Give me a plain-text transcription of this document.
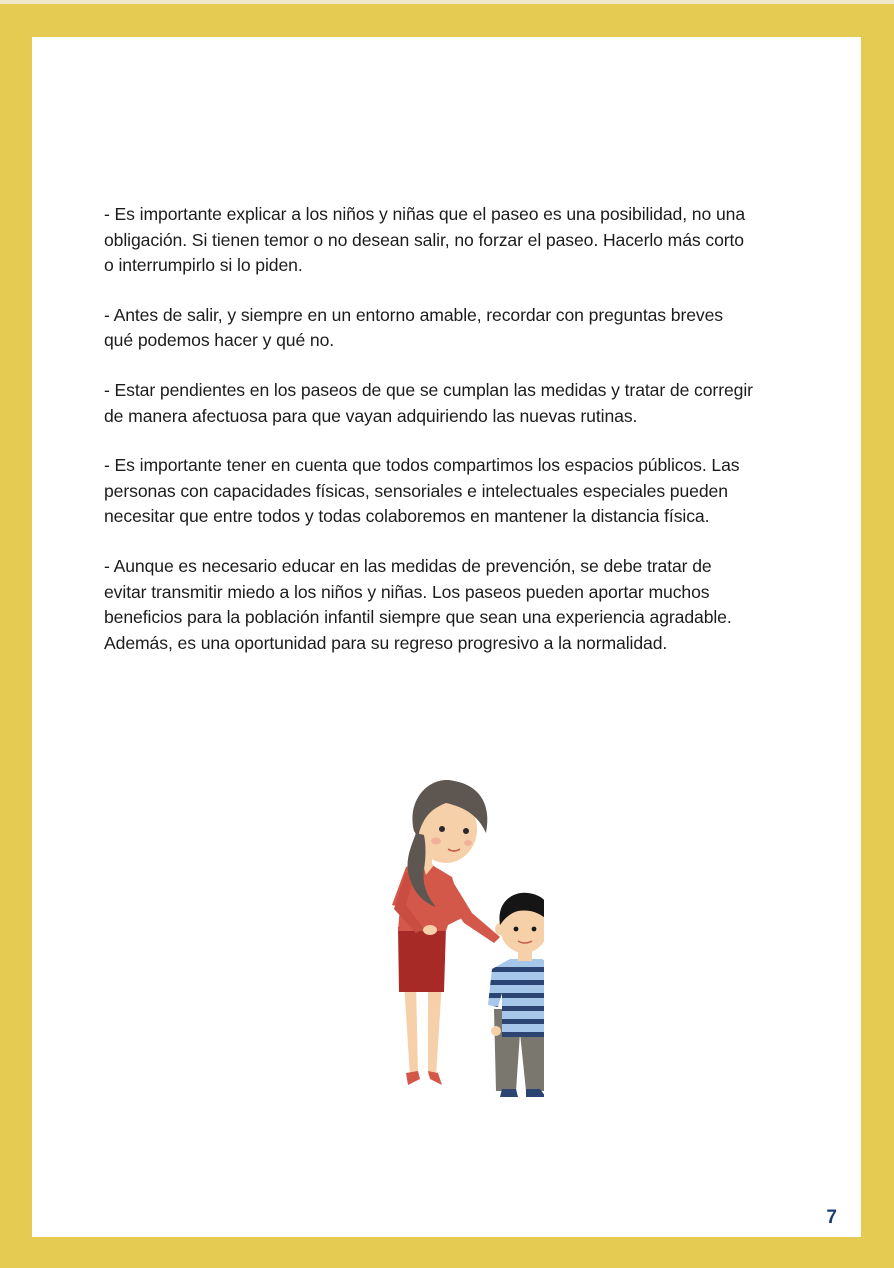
- Es importante explicar a los niños y niñas que el paseo es una posibilidad, no una
obligación. Si tienen temor o no desean salir, no forzar el paseo. Hacerlo más corto
o interrumpirlo si lo piden.

- Antes de salir, y siempre en un entorno amable, recordar con preguntas breves
qué podemos hacer y qué no.

- Estar pendientes en los paseos de que se cumplan las medidas y tratar de corregir
de manera afectuosa para que vayan adquiriendo las nuevas rutinas.

- Es importante tener en cuenta que todos compartimos los espacios públicos. Las
personas con capacidades físicas, sensoriales e intelectuales especiales pueden
necesitar que entre todos y todas colaboremos en mantener la distancia física.

- Aunque es necesario educar en las medidas de prevención, se debe tratar de
evitar transmitir miedo a los niños y niñas. Los paseos pueden aportar muchos
beneficios para la población infantil siempre que sean una experiencia agradable.
Además, es una oportunidad para su regreso progresivo a la normalidad.

7
